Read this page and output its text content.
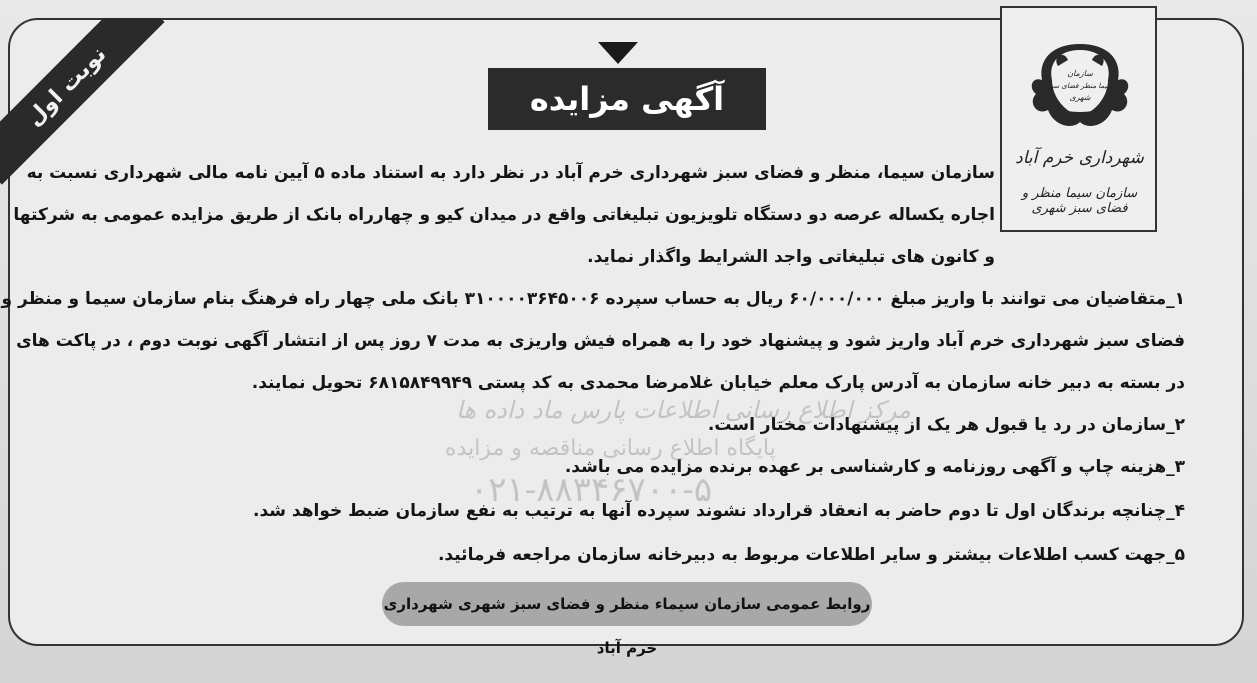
نوبت اول	سازمان
سیما منظر فضای سبز
شهری
شهرداری خرم آباد
سازمان سیما منظر و فضای سبز شهری
آگهی مزایده
سازمان سیما، منظر و فضای سبز شهرداری خرم آباد در نظر دارد به استناد ماده ۵ آیین نامه مالی شهرداری نسبت به
اجاره یکساله عرصه دو دستگاه تلویزیون تبلیغاتی واقع در میدان کیو و چهارراه بانک از طریق مزایده عمومی به شرکتها
و کانون های تبلیغاتی واجد الشرایط واگذار نماید.
۱_متقاضیان می توانند با واریز مبلغ ۶۰/۰۰۰/۰۰۰ ریال به حساب سپرده ۳۱۰۰۰۰۳۶۴۵۰۰۶ بانک ملی چهار راه فرهنگ بنام سازمان سیما و منظر و
فضای سبز شهرداری خرم آباد واریز شود و پیشنهاد خود را به همراه فیش واریزی به مدت ۷ روز پس از انتشار آگهی نوبت دوم ، در پاکت های
در بسته به دبیر خانه سازمان به آدرس پارک معلم خیابان غلامرضا محمدی به کد پستی ۶۸۱۵۸۴۹۹۴۹ تحویل نمایند.
۲_سازمان در رد یا قبول هر یک از پیشنهادات مختار است.
۳_هزینه چاپ و آگهی روزنامه و کارشناسی بر عهده برنده مزایده می باشد.
۴_چنانچه برندگان اول تا دوم حاضر به انعقاد قرارداد نشوند سپرده آنها به ترتیب به نفع سازمان ضبط خواهد شد.
۵_جهت کسب اطلاعات بیشتر و سایر اطلاعات مربوط به دبیرخانه سازمان مراجعه فرمائید.
مرکز اطلاع رسانی اطلاعات پارس ماد داده ها
پایگاه اطلاع رسانی مناقصه و مزایده
۰۲۱-۸۸۳۴۶۷۰۰-۵
روابط عمومی سازمان سیماء منظر و فضای سبز شهری شهرداری خرم آباد
